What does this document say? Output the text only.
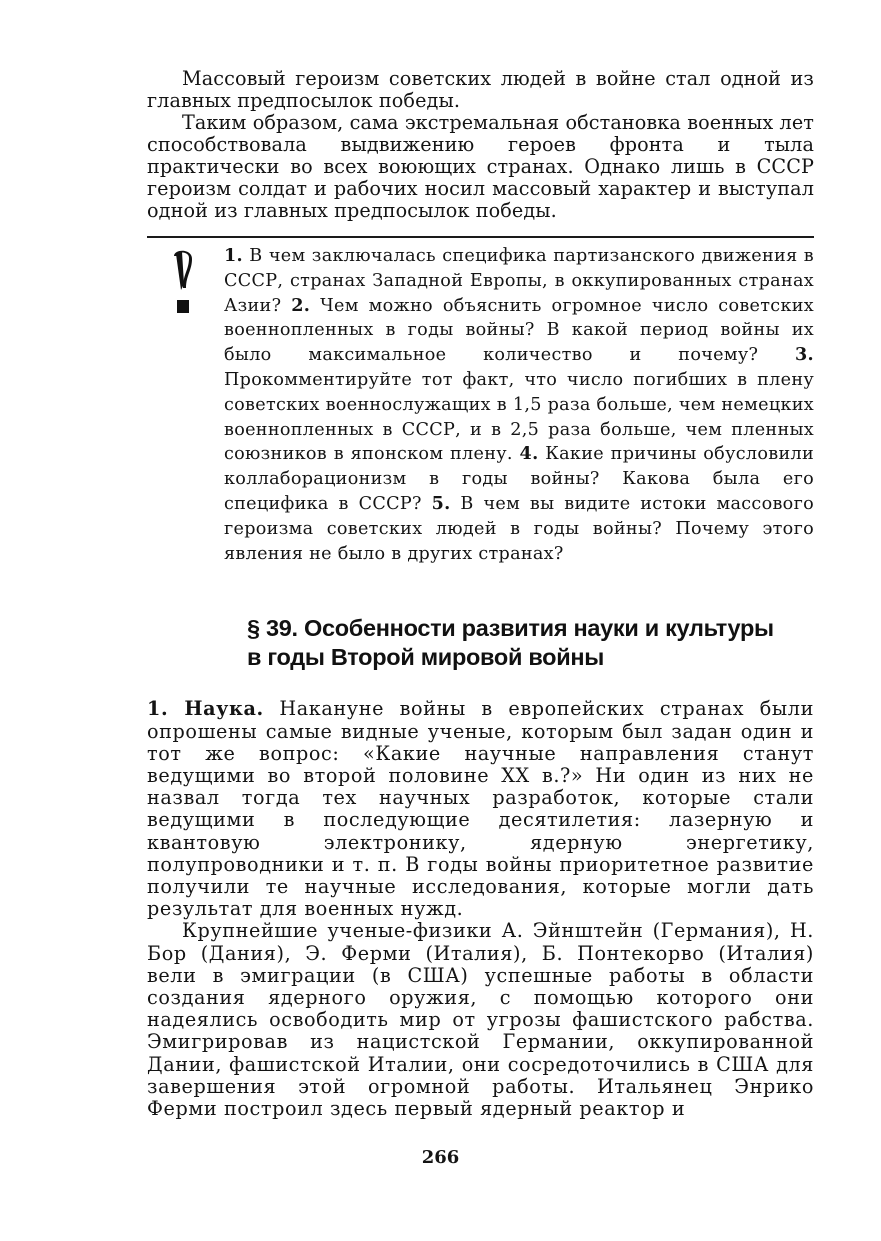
Массовый героизм советских людей в войне стал одной из главных предпосылок победы.

Таким образом, сама экстремальная обстановка военных лет способствовала выдвижению героев фронта и тыла практически во всех воюющих странах. Однако лишь в СССР героизм солдат и рабочих носил массовый характер и выступал одной из главных предпосылок победы.

1. В чем заключалась специфика партизанского движения в СССР, странах Западной Европы, в оккупированных странах Азии? 2. Чем можно объяснить огромное число советских военнопленных в годы войны? В какой период войны их было максимальное количество и почему? 3. Прокомментируйте тот факт, что число погибших в плену советских военнослужащих в 1,5 раза больше, чем немецких военнопленных в СССР, и в 2,5 раза больше, чем пленных союзников в японском плену. 4. Какие причины обусловили коллаборационизм в годы войны? Какова была его специфика в СССР? 5. В чем вы видите истоки массового героизма советских людей в годы войны? Почему этого явления не было в других странах?
§ 39. Особенности развития науки и культуры
в годы Второй мировой войны

1. Наука. Накануне войны в европейских странах были опрошены самые видные ученые, которым был задан один и тот же вопрос: «Какие научные направления станут ведущими во второй половине XX в.?» Ни один из них не назвал тогда тех научных разработок, которые стали ведущими в последующие десятилетия: лазерную и квантовую электронику, ядерную энергетику, полупроводники и т. п. В годы войны приоритетное развитие получили те научные исследования, которые могли дать результат для военных нужд.

Крупнейшие ученые-физики А. Эйнштейн (Германия), Н. Бор (Дания), Э. Ферми (Италия), Б. Понтекорво (Италия) вели в эмиграции (в США) успешные работы в области создания ядерного оружия, с помощью которого они надеялись освободить мир от угрозы фашистского рабства. Эмигрировав из нацистской Германии, оккупированной Дании, фашистской Италии, они сосредоточились в США для завершения этой огромной работы. Итальянец Энрико Ферми построил здесь первый ядерный реактор и

266
